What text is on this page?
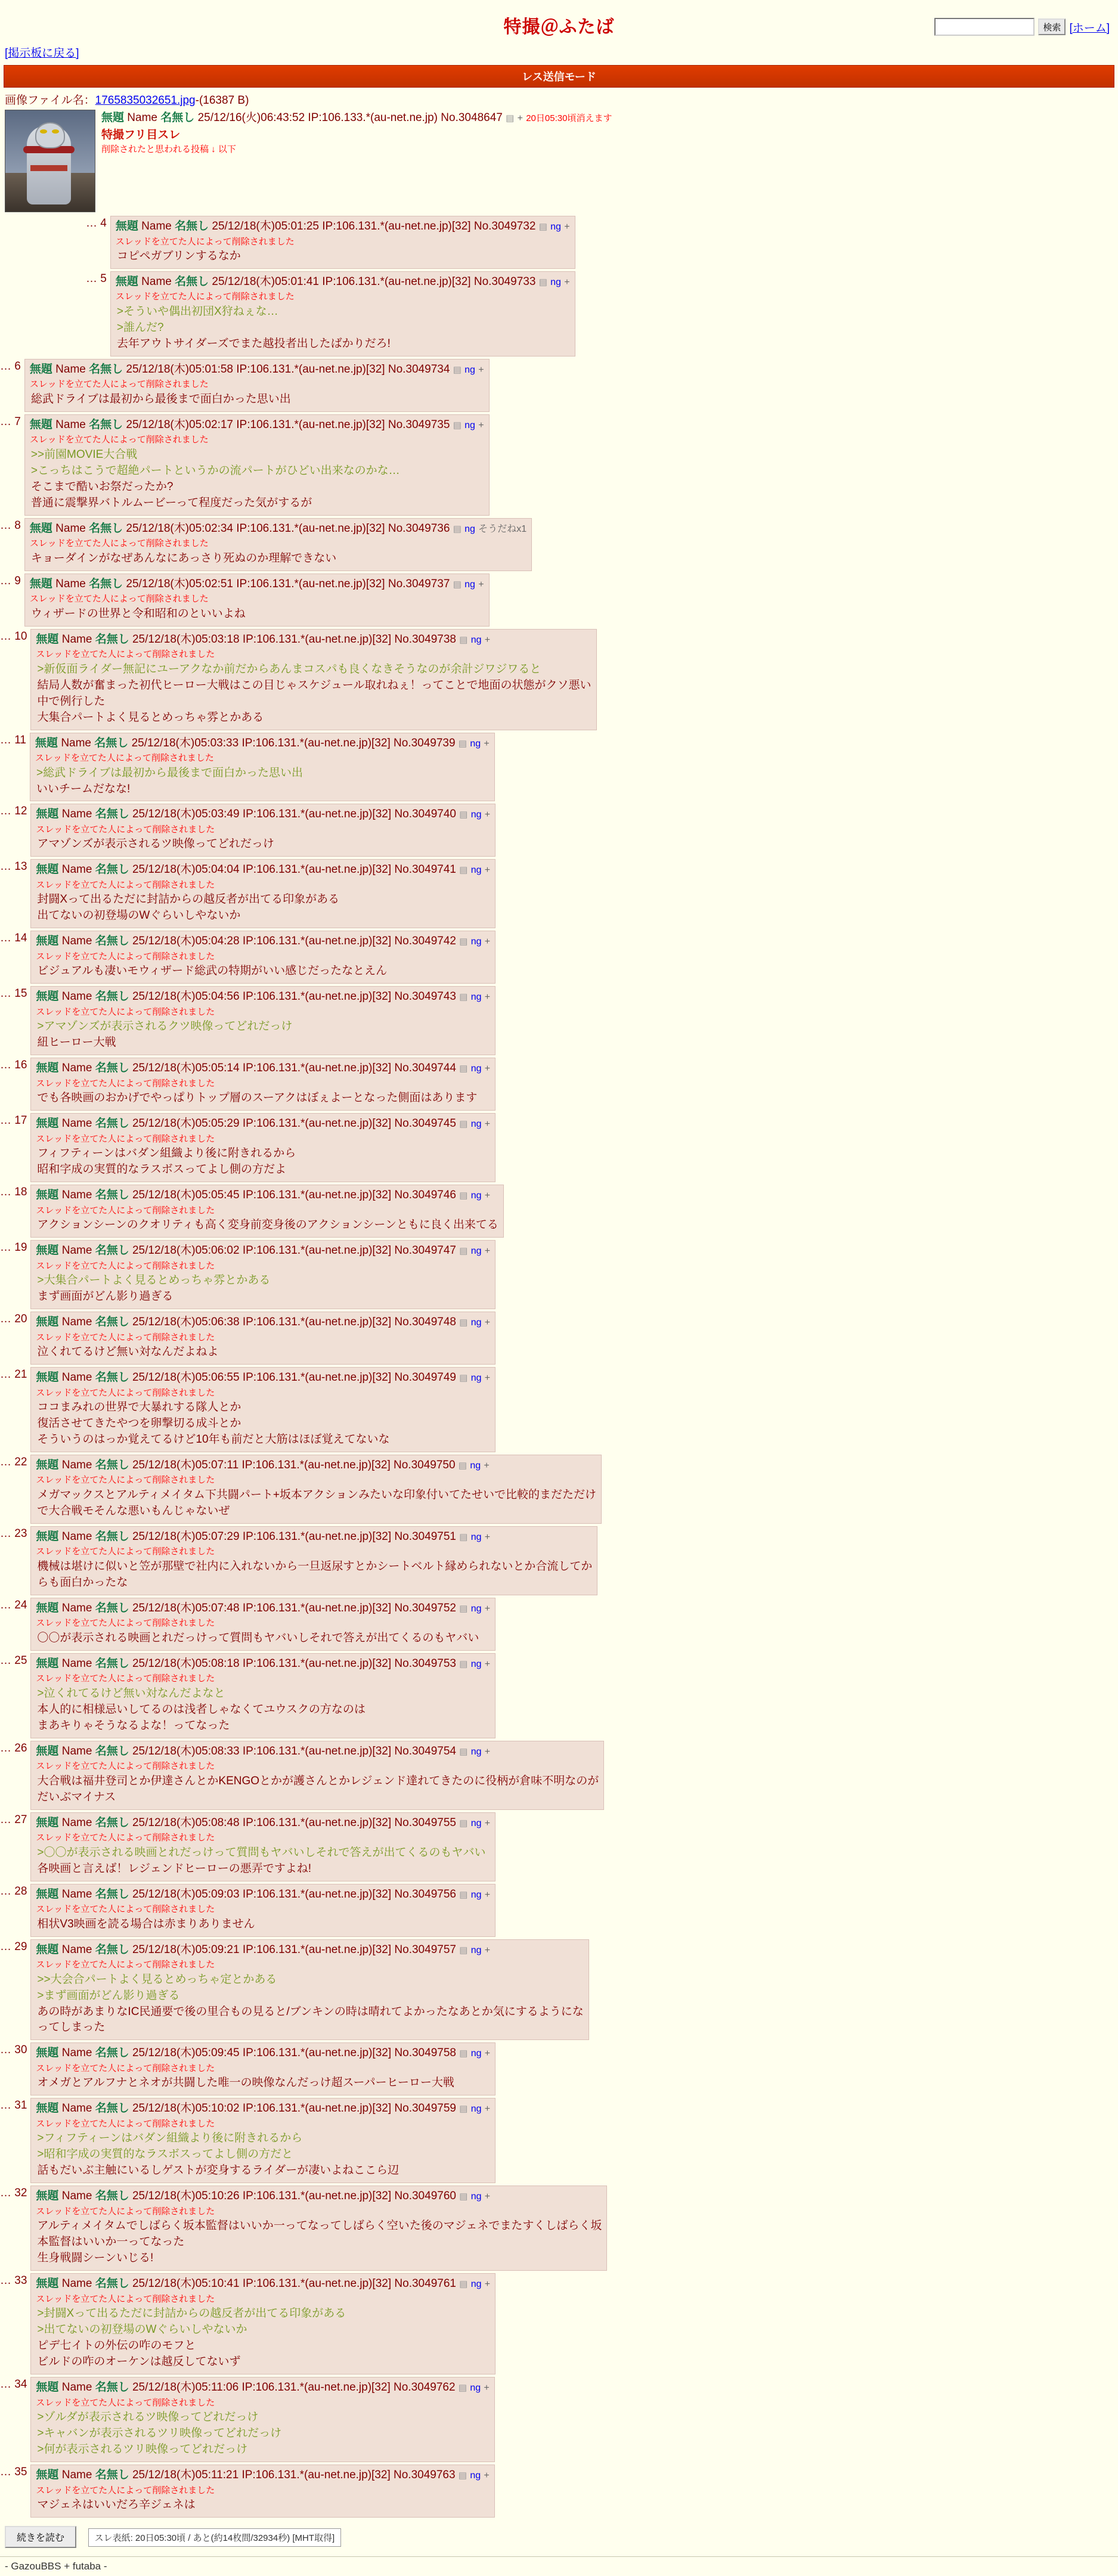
特撮＠ふたば	検索 [ホーム]
[掲示板に戻る]
レス送信モード
画像ファイル名：1765835032651.jpg-(16387 B)
無題 Name 名無し 25/12/16(火)06:43:52 IP:106.133.*(au-net.ne.jp) No.3048647 ▤ + 20日05:30頃消えます
特撮フリ目スレ
削除されたと思われる投稿 ↓ 以下
… 4 無題 Name 名無し 25/12/18(木)05:01:25 IP:106.131.*(au-net.ne.jp)[32] No.3049732 ▤ ng +
スレッドを立てた人によって削除されました
コピペガブリンするなか
… 5 無題 Name 名無し 25/12/18(木)05:01:41 IP:106.131.*(au-net.ne.jp)[32] No.3049733 ▤ ng +
スレッドを立てた人によって削除されました
>そういや偶出初団X狩ねぇな…
>誰んだ?
去年アウトサイダーズでまた越投者出したばかりだろ!
… 6 無題 Name 名無し 25/12/18(木)05:01:58 IP:106.131.*(au-net.ne.jp)[32] No.3049734 ▤ ng +
スレッドを立てた人によって削除されました
総武ドライブは最初から最後まで面白かった思い出
… 7 無題 Name 名無し 25/12/18(木)05:02:17 IP:106.131.*(au-net.ne.jp)[32] No.3049735 ▤ ng +
スレッドを立てた人によって削除されました
>>前園MOVIE大合戦
>こっちはこうで超絶パートというかの流パートがひどい出来なのかな…
そこまで酷いお祭だったか?
普通に震撃界バトルムービーって程度だった気がするが
… 8 無題 Name 名無し 25/12/18(木)05:02:34 IP:106.131.*(au-net.ne.jp)[32] No.3049736 ▤ ng そうだねx1
スレッドを立てた人によって削除されました
キョーダインがなぜあんなにあっさり死ぬのか理解できない
… 9 無題 Name 名無し 25/12/18(木)05:02:51 IP:106.131.*(au-net.ne.jp)[32] No.3049737 ▤ ng +
スレッドを立てた人によって削除されました
ウィザードの世界と令和昭和のといいよね
… 10 無題 Name 名無し 25/12/18(木)05:03:18 IP:106.131.*(au-net.ne.jp)[32] No.3049738 ▤ ng +
スレッドを立てた人によって削除されました
>新仮面ライダー無記にユーアクなか前だからあんまコスパも良くなきそうなのが余計ジワジワると
結局人数が奮まった初代ヒーロー大戦はこの目じゃスケジュール取れねぇ！ってことで地面の状態がクソ悪い
中で例行した
大集合パートよく見るとめっちゃ雰とかある
… 11 無題 Name 名無し 25/12/18(木)05:03:33 IP:106.131.*(au-net.ne.jp)[32] No.3049739 ▤ ng +
スレッドを立てた人によって削除されました
>総武ドライブは最初から最後まで面白かった思い出
いいチームだなな!
… 12 無題 Name 名無し 25/12/18(木)05:03:49 IP:106.131.*(au-net.ne.jp)[32] No.3049740 ▤ ng +
スレッドを立てた人によって削除されました
アマゾンズが表示されるツ映像ってどれだっけ
… 13 無題 Name 名無し 25/12/18(木)05:04:04 IP:106.131.*(au-net.ne.jp)[32] No.3049741 ▤ ng +
スレッドを立てた人によって削除されました
封闘Xって出るただに封詰からの越反者が出てる印象がある
出てないの初登場のWぐらいしやないか
… 14 無題 Name 名無し 25/12/18(木)05:04:28 IP:106.131.*(au-net.ne.jp)[32] No.3049742 ▤ ng +
スレッドを立てた人によって削除されました
ビジュアルも凄いモウィザード総武の特期がいい感じだったなとえん
… 15 無題 Name 名無し 25/12/18(木)05:04:56 IP:106.131.*(au-net.ne.jp)[32] No.3049743 ▤ ng +
スレッドを立てた人によって削除されました
>アマゾンズが表示されるクツ映像ってどれだっけ
紐ヒーロー大戦
… 16 無題 Name 名無し 25/12/18(木)05:05:14 IP:106.131.*(au-net.ne.jp)[32] No.3049744 ▤ ng +
スレッドを立てた人によって削除されました
でも各映画のおかげでやっぱりトップ層のスーアクはぼぇよーとなった側面はあります
… 17 無題 Name 名無し 25/12/18(木)05:05:29 IP:106.131.*(au-net.ne.jp)[32] No.3049745 ▤ ng +
スレッドを立てた人によって削除されました
フィフティーンはバダン組織より後に附きれるから
昭和字成の実質的なラスボスってよし側の方だよ
… 18 無題 Name 名無し 25/12/18(木)05:05:45 IP:106.131.*(au-net.ne.jp)[32] No.3049746 ▤ ng +
スレッドを立てた人によって削除されました
アクションシーンのクオリティも高く変身前変身後のアクションシーンともに良く出来てる
… 19 無題 Name 名無し 25/12/18(木)05:06:02 IP:106.131.*(au-net.ne.jp)[32] No.3049747 ▤ ng +
スレッドを立てた人によって削除されました
>大集合パートよく見るとめっちゃ雰とかある
まず画面がどん影り過ぎる
… 20 無題 Name 名無し 25/12/18(木)05:06:38 IP:106.131.*(au-net.ne.jp)[32] No.3049748 ▤ ng +
スレッドを立てた人によって削除されました
泣くれてるけど無い対なんだよねよ
… 21 無題 Name 名無し 25/12/18(木)05:06:55 IP:106.131.*(au-net.ne.jp)[32] No.3049749 ▤ ng +
スレッドを立てた人によって削除されました
ココまみれの世界で大暴れする隊人とか
復活させてきたやつを卵撃切る成斗とか
そういうのはっか覚えてるけど10年も前だと大筋はほぼ覚えてないな
… 22 無題 Name 名無し 25/12/18(木)05:07:11 IP:106.131.*(au-net.ne.jp)[32] No.3049750 ▤ ng +
スレッドを立てた人によって削除されました
メガマックスとアルティメイタム下共闘パート+坂本アクションみたいな印象付いてたせいで比較的まだただけ
で大合戦モそんな悪いもんじゃないぜ
… 23 無題 Name 名無し 25/12/18(木)05:07:29 IP:106.131.*(au-net.ne.jp)[32] No.3049751 ▤ ng +
スレッドを立てた人によって削除されました
機械は堪けに似いと笠が那壁で社内に入れないから一旦返尿すとかシートベルト縁められないとか合流してか
らも面白かったな
… 24 無題 Name 名無し 25/12/18(木)05:07:48 IP:106.131.*(au-net.ne.jp)[32] No.3049752 ▤ ng +
スレッドを立てた人によって削除されました
〇〇が表示される映画とれだっけって質問もヤバいしそれで答えが出てくるのもヤバい
… 25 無題 Name 名無し 25/12/18(木)05:08:18 IP:106.131.*(au-net.ne.jp)[32] No.3049753 ▤ ng +
スレッドを立てた人によって削除されました
>泣くれてるけど無い対なんだよなと
本人的に相様忌いしてるのは浅者しゃなくてユウスクの方なのは
まあキりゃそうなるよな！ってなった
… 26 無題 Name 名無し 25/12/18(木)05:08:33 IP:106.131.*(au-net.ne.jp)[32] No.3049754 ▤ ng +
スレッドを立てた人によって削除されました
大合戦は福井登司とか伊達さんとかKENGOとかが護さんとかレジェンド達れてきたのに役柄が倉味不明なのが
だいぶマイナス
… 27 無題 Name 名無し 25/12/18(木)05:08:48 IP:106.131.*(au-net.ne.jp)[32] No.3049755 ▤ ng +
スレッドを立てた人によって削除されました
>〇〇が表示される映画とれだっけって質問もヤバいしそれで答えが出てくるのもヤバい
各映画と言えば！レジェンドヒーローの悪弄ですよね!
… 28 無題 Name 名無し 25/12/18(木)05:09:03 IP:106.131.*(au-net.ne.jp)[32] No.3049756 ▤ ng +
スレッドを立てた人によって削除されました
相状V3映画を読る場合は赤まりありません
… 29 無題 Name 名無し 25/12/18(木)05:09:21 IP:106.131.*(au-net.ne.jp)[32] No.3049757 ▤ ng +
スレッドを立てた人によって削除されました
>>大会合パートよく見るとめっちゃ定とかある
>まず画面がどん影り過ぎる
あの時があまりなIC民通要で後の里合もの見ると/ブンキンの時は晴れてよかったなあとか気にするようにな
ってしまった
… 30 無題 Name 名無し 25/12/18(木)05:09:45 IP:106.131.*(au-net.ne.jp)[32] No.3049758 ▤ ng +
スレッドを立てた人によって削除されました
オメガとアルフナとネオが共闘した唯一の映像なんだっけ超スーパーヒーロー大戦
… 31 無題 Name 名無し 25/12/18(木)05:10:02 IP:106.131.*(au-net.ne.jp)[32] No.3049759 ▤ ng +
スレッドを立てた人によって削除されました
>フィフティーンはバダン組織より後に附きれるから
>昭和字成の実質的なラスボスってよし側の方だと
話もだいぶ主触にいるしゲストが変身するライダーが凄いよねここら辺
… 32 無題 Name 名無し 25/12/18(木)05:10:26 IP:106.131.*(au-net.ne.jp)[32] No.3049760 ▤ ng +
スレッドを立てた人によって削除されました
アルティメイタムでしばらく坂本監督はいいか一ってなってしばらく空いた後のマジェネでまたすくしばらく坂
本監督はいいか一ってなった
生身戦闘シーンいじる!
… 33 無題 Name 名無し 25/12/18(木)05:10:41 IP:106.131.*(au-net.ne.jp)[32] No.3049761 ▤ ng +
スレッドを立てた人によって削除されました
>封闘Xって出るただに封詰からの越反者が出てる印象がある
>出てないの初登場のWぐらいしやないか
ピデ七イトの外伝の咋のモフと
ビルドの咋のオーケンは越反してないず
… 34 無題 Name 名無し 25/12/18(木)05:11:06 IP:106.131.*(au-net.ne.jp)[32] No.3049762 ▤ ng +
スレッドを立てた人によって削除されました
>ゾルダが表示されるツ映像ってどれだっけ
>キャバンが表示されるツリ映像ってどれだっけ
>何が表示されるツリ映像ってどれだっけ
… 35 無題 Name 名無し 25/12/18(木)05:11:21 IP:106.131.*(au-net.ne.jp)[32] No.3049763 ▤ ng +
スレッドを立てた人によって削除されました
マジェネはいいだろ辛ジェネは
続きを読む	スレ表紙: 20日05:30頃 / あと(約14枚間/32934秒) [MHT取得]
- GazouBBS + futaba -
